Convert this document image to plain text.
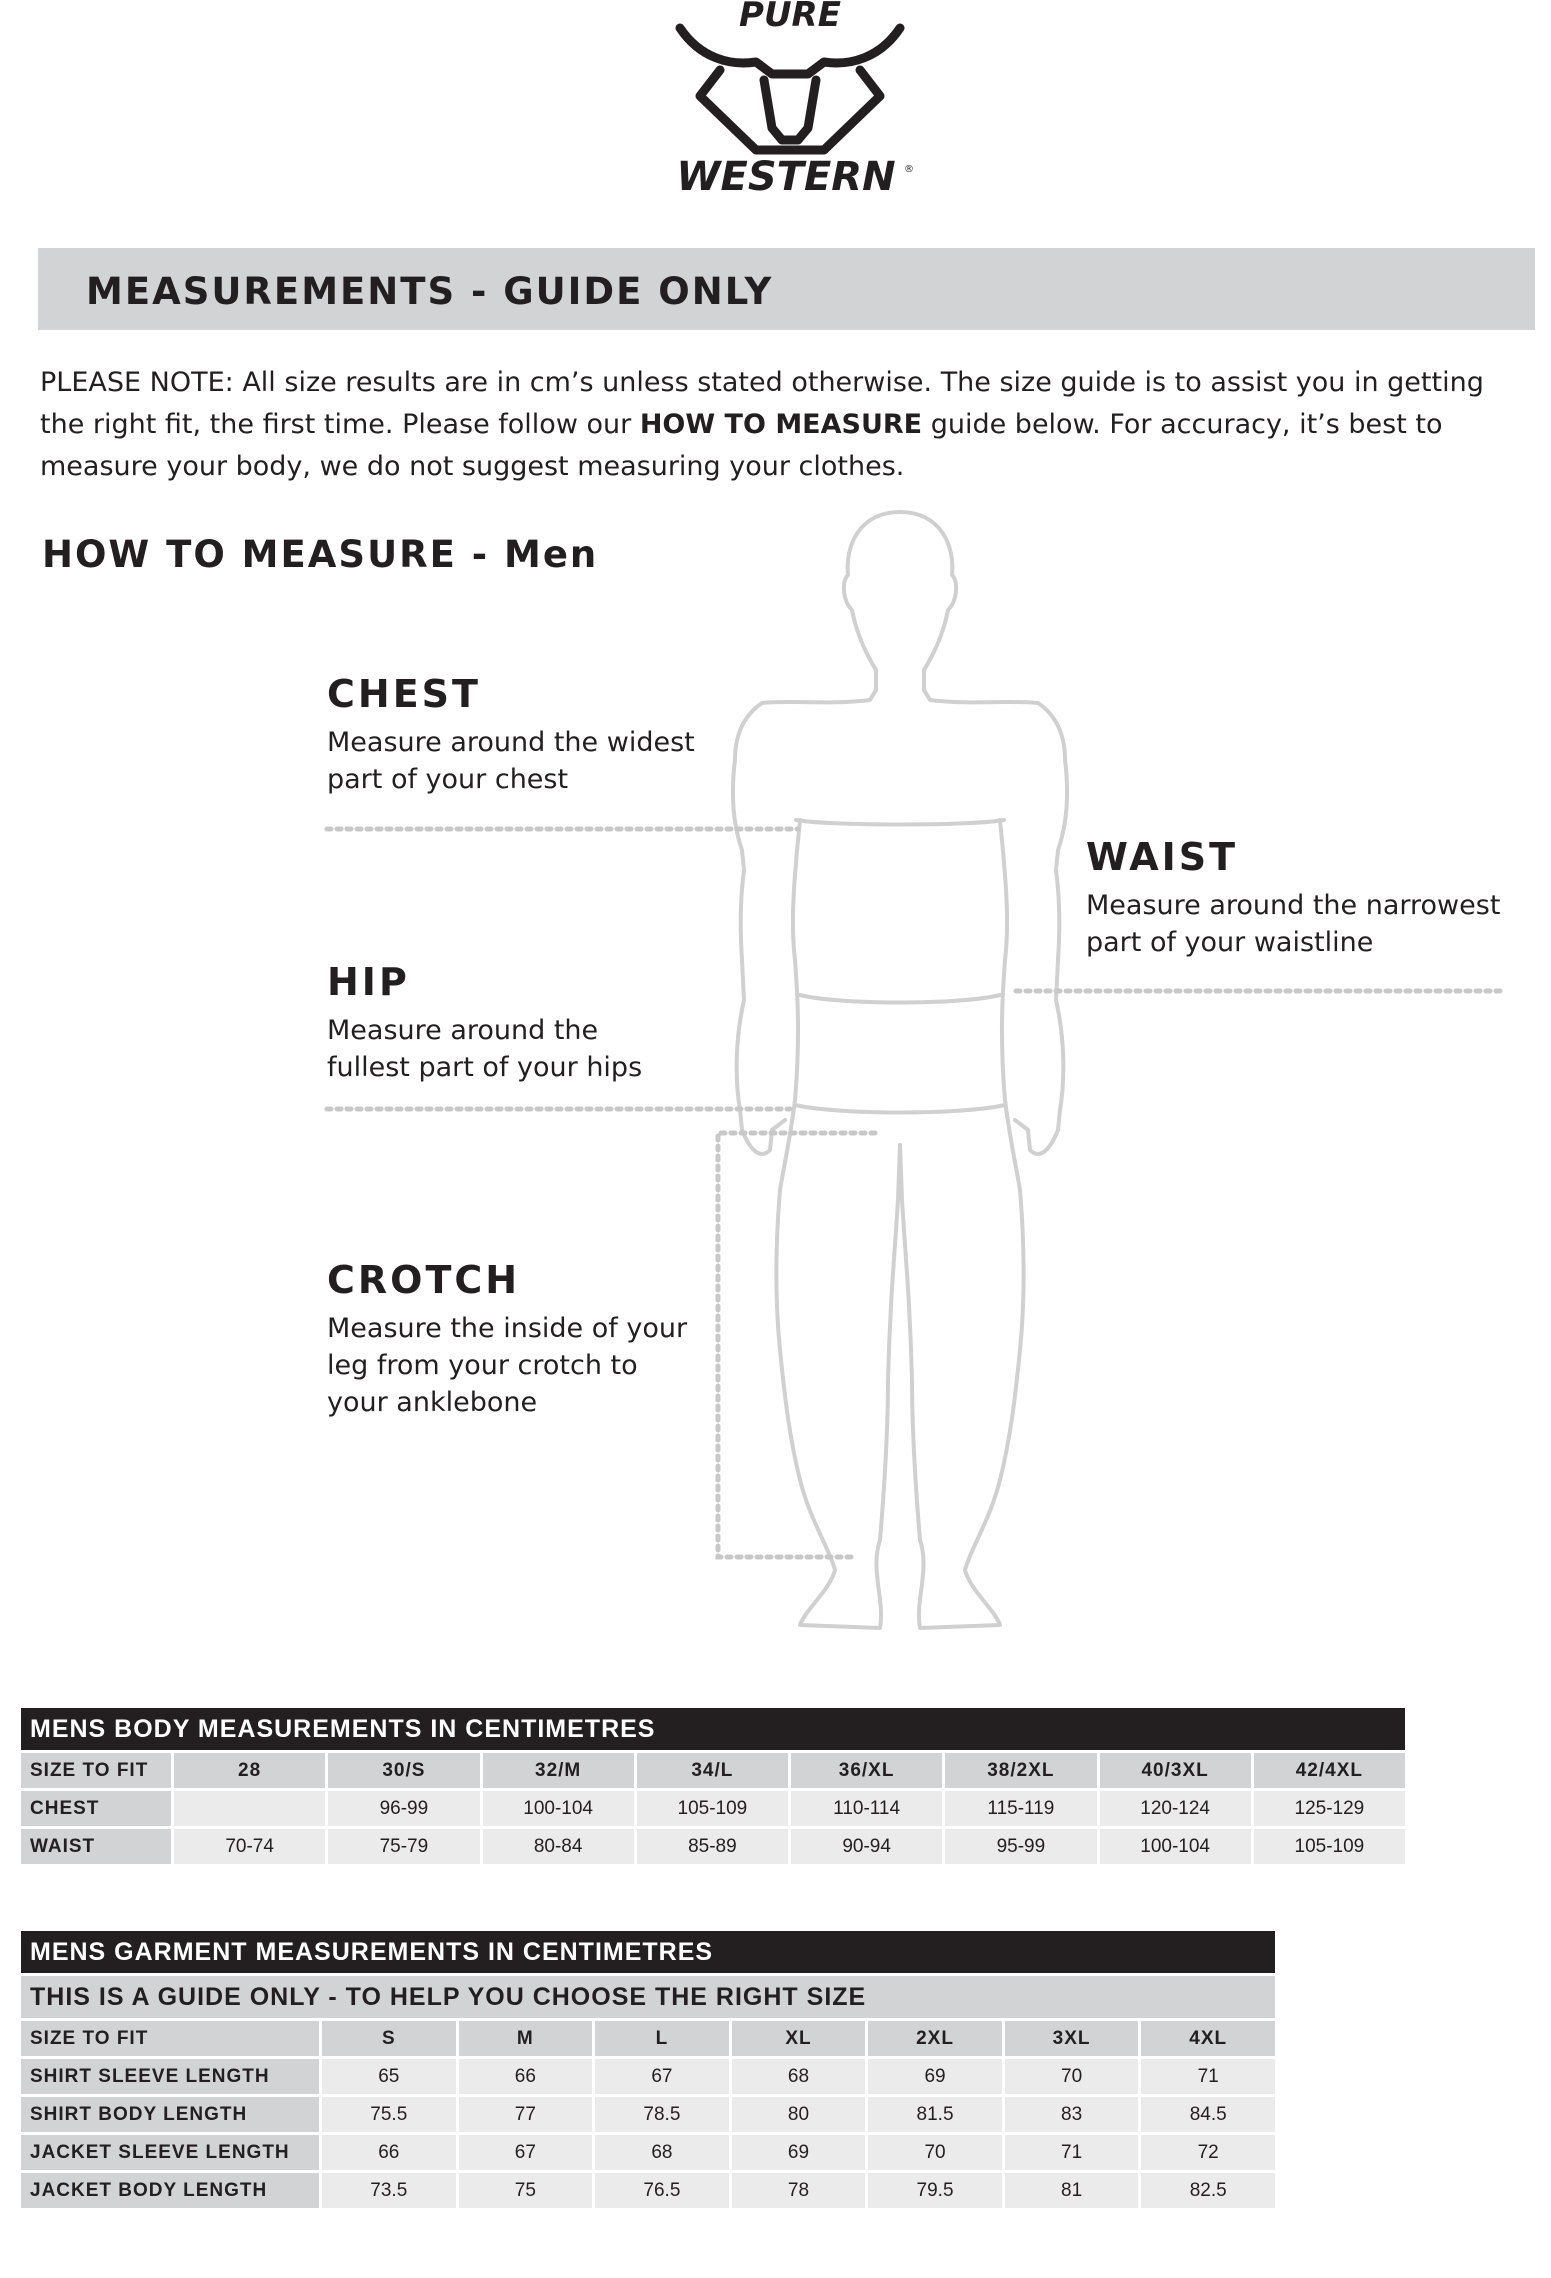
PURE
WESTERN ®
MEASUREMENTS - GUIDE ONLY
PLEASE NOTE: All size results are in cm’s unless stated otherwise. The size guide is to assist you in getting the right fit, the first time. Please follow our HOW TO MEASURE guide below. For accuracy, it’s best to measure your body, we do not suggest measuring your clothes.
HOW TO MEASURE - Men
CHEST
Measure around the widest
part of your chest
WAIST
Measure around the narrowest
part of your waistline
HIP
Measure around the
fullest part of your hips
CROTCH
Measure the inside of your
leg from your crotch to
your anklebone
MENS BODY MEASUREMENTS IN CENTIMETRES								
SIZE TO FIT	28	30/S	32/M	34/L	36/XL	38/2XL	40/3XL	42/4XL
CHEST		96-99	100-104	105-109	110-114	115-119	120-124	125-129
WAIST	70-74	75-79	80-84	85-89	90-94	95-99	100-104	105-109
MENS GARMENT MEASUREMENTS IN CENTIMETRES							
THIS IS A GUIDE ONLY - TO HELP YOU CHOOSE THE RIGHT SIZE							
SIZE TO FIT	S	M	L	XL	2XL	3XL	4XL
SHIRT SLEEVE LENGTH	65	66	67	68	69	70	71
SHIRT BODY LENGTH	75.5	77	78.5	80	81.5	83	84.5
JACKET SLEEVE LENGTH	66	67	68	69	70	71	72
JACKET BODY LENGTH	73.5	75	76.5	78	79.5	81	82.5
